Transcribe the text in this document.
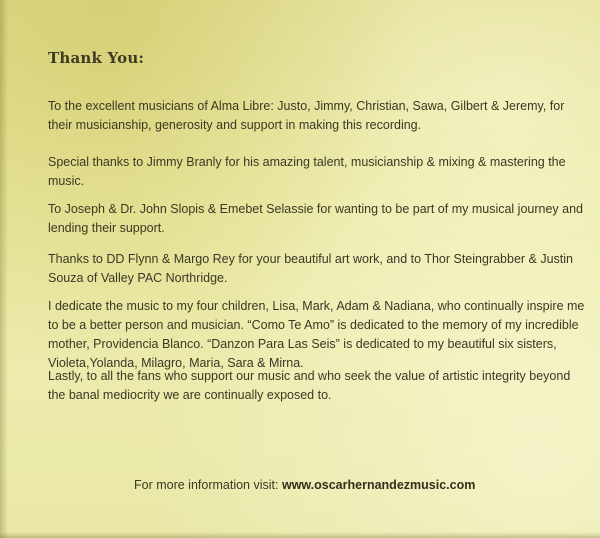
Thank You:

To the excellent musicians of Alma Libre: Justo, Jimmy, Christian, Sawa, Gilbert & Jeremy, for their musicianship, generosity and support in making this recording.

Special thanks to Jimmy Branly for his amazing talent, musicianship & mixing & mastering the music.

To Joseph & Dr. John Slopis & Emebet Selassie for wanting to be part of my musical journey and lending their support.

Thanks to DD Flynn & Margo Rey for your beautiful art work, and to Thor Steingrabber & Justin Souza of Valley PAC Northridge.

I dedicate the music to my four children, Lisa, Mark, Adam & Nadiana, who continually inspire me to be a better person and musician. “Como Te Amo” is dedicated to the memory of my incredible mother, Providencia Blanco. “Danzon Para Las Seis” is dedicated to my beautiful six sisters, Violeta,Yolanda, Milagro, Maria, Sara & Mirna.

Lastly, to all the fans who support our music and who seek the value of artistic integrity beyond the banal mediocrity we are continually exposed to.

For more information visit: www.oscarhernandezmusic.com
